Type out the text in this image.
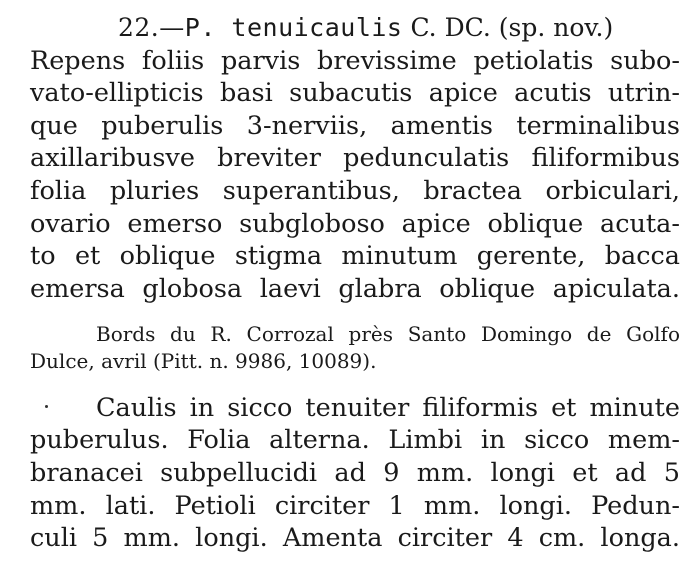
22.—P. tenuicaulis C. DC. (sp. nov.)
Repens foliis parvis brevissime petiolatis subo-
vato-ellipticis basi subacutis apice acutis utrin-
que puberulis 3-nerviis, amentis terminalibus
axillaribusve breviter pedunculatis filiformibus
folia pluries superantibus, bractea orbiculari,
ovario emerso subgloboso apice oblique acuta-
to et oblique stigma minutum gerente, bacca
emersa globosa laevi glabra oblique apiculata.
Bords du R. Corrozal près Santo Domingo de Golfo
Dulce, avril (Pitt. n. 9986, 10089).
Caulis in sicco tenuiter filiformis et minute
puberulus. Folia alterna. Limbi in sicco mem-
branacei subpellucidi ad 9 mm. longi et ad 5
mm. lati. Petioli circiter 1 mm. longi. Pedun-
culi 5 mm. longi. Amenta circiter 4 cm. longa.
